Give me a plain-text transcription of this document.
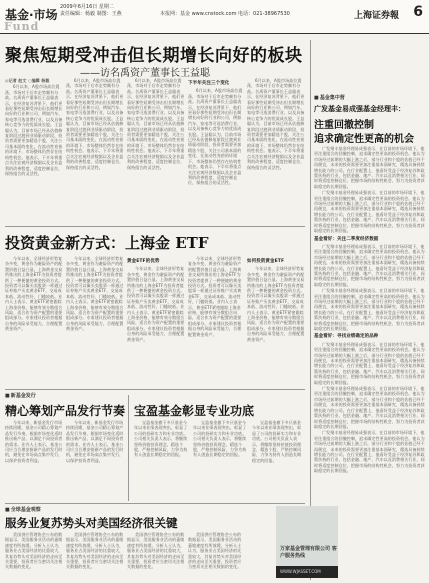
基金·市场
2009年6月16日 星期二
责任编辑：杨毅 制图：王燕	本报网：基金 www.cnstock.com 电话：021-38967530
Fund
上海证券報 6
聚焦短期受冲击但长期增长向好的板块
——访名禹资产董事长王益聪

◎记者 赵文 ○编辑 杨毅

6月以来，A股市场高位震荡，市场对于后市走势颇有分歧。名禹资产董事长王益聪表示，在经济复苏背景下，他们更看好那些短期受冲击但长期增长向好的行业和公司，例如汽车、家电等可选消费行业，以及具备核心竞争力的优质成长股。王益聪认为，目前市场已经从估值修复阶段过渡到业绩驱动阶段，投资者需要更加精选个股，关注公司基本面的变化，在流动性充裕的环境下，市场整体仍然存在结构性机会。他表示，下半年将重点关注宏观经济数据以及企业盈利的改善程度，适度控制仓位，保持组合的灵活性。

6月以来，A股市场高位震荡，市场对于后市走势颇有分歧。名禹资产董事长王益聪表示，在经济复苏背景下，他们更看好那些短期受冲击但长期增长向好的行业和公司，例如汽车、家电等可选消费行业，以及具备核心竞争力的优质成长股。王益聪认为，目前市场已经从估值修复阶段过渡到业绩驱动阶段，投资者需要更加精选个股，关注公司基本面的变化，在流动性充裕的环境下，市场整体仍然存在结构性机会。他表示，下半年将重点关注宏观经济数据以及企业盈利的改善程度，适度控制仓位，保持组合的灵活性。

6月以来，A股市场高位震荡，市场对于后市走势颇有分歧。名禹资产董事长王益聪表示，在经济复苏背景下，他们更看好那些短期受冲击但长期增长向好的行业和公司，例如汽车、家电等可选消费行业，以及具备核心竞争力的优质成长股。王益聪认为，目前市场已经从估值修复阶段过渡到业绩驱动阶段，投资者需要更加精选个股，关注公司基本面的变化，在流动性充裕的环境下，市场整体仍然存在结构性机会。他表示，下半年将重点关注宏观经济数据以及企业盈利的改善程度，适度控制仓位，保持组合的灵活性。

下半年关注三个变化

6月以来，A股市场高位震荡，市场对于后市走势颇有分歧。名禹资产董事长王益聪表示，在经济复苏背景下，他们更看好那些短期受冲击但长期增长向好的行业和公司，例如汽车、家电等可选消费行业，以及具备核心竞争力的优质成长股。王益聪认为，目前市场已经从估值修复阶段过渡到业绩驱动阶段，投资者需要更加精选个股，关注公司基本面的变化，在流动性充裕的环境下，市场整体仍然存在结构性机会。他表示，下半年将重点关注宏观经济数据以及企业盈利的改善程度，适度控制仓位，保持组合的灵活性。

6月以来，A股市场高位震荡，市场对于后市走势颇有分歧。名禹资产董事长王益聪表示，在经济复苏背景下，他们更看好那些短期受冲击但长期增长向好的行业和公司，例如汽车、家电等可选消费行业，以及具备核心竞争力的优质成长股。王益聪认为，目前市场已经从估值修复阶段过渡到业绩驱动阶段，投资者需要更加精选个股，关注公司基本面的变化，在流动性充裕的环境下，市场整体仍然存在结构性机会。他表示，下半年将重点关注宏观经济数据以及企业盈利的改善程度，适度控制仓位，保持组合的灵活性。

■ 基金集中营
广发基金易成强基金经理丰：
注重回撤控制
追求确定性更高的机会

广发聚丰基金经理易成强表示，在目前的市场环境下，他更注重组合的回撤控制，追求确定性更高的投资机会。他认为市场经过前期的大幅上涨之后，部分行业和个股的估值已经不再便宜，未来的投资需要更加注重基本面研究，精选具备持续增长能力的公司。在行业配置上，他看好受益于经济复苏和政策扶持的行业，包括金融、地产、汽车以及消费相关行业，同时将适度控制仓位，把握市场的结构性机会，努力为投资者获取稳定的长期回报。

广发聚丰基金经理易成强表示，在目前的市场环境下，他更注重组合的回撤控制，追求确定性更高的投资机会。他认为市场经过前期的大幅上涨之后，部分行业和个股的估值已经不再便宜，未来的投资需要更加注重基本面研究，精选具备持续增长能力的公司。在行业配置上，他看好受益于经济复苏和政策扶持的行业，包括金融、地产、汽车以及消费相关行业，同时将适度控制仓位，把握市场的结构性机会，努力为投资者获取稳定的长期回报。

基金看好：关注二季度经济数据

广发聚丰基金经理易成强表示，在目前的市场环境下，他更注重组合的回撤控制，追求确定性更高的投资机会。他认为市场经过前期的大幅上涨之后，部分行业和个股的估值已经不再便宜，未来的投资需要更加注重基本面研究，精选具备持续增长能力的公司。在行业配置上，他看好受益于经济复苏和政策扶持的行业，包括金融、地产、汽车以及消费相关行业，同时将适度控制仓位，把握市场的结构性机会，努力为投资者获取稳定的长期回报。

广发聚丰基金经理易成强表示，在目前的市场环境下，他更注重组合的回撤控制，追求确定性更高的投资机会。他认为市场经过前期的大幅上涨之后，部分行业和个股的估值已经不再便宜，未来的投资需要更加注重基本面研究，精选具备持续增长能力的公司。在行业配置上，他看好受益于经济复苏和政策扶持的行业，包括金融、地产、汽车以及消费相关行业，同时将适度控制仓位，把握市场的结构性机会，努力为投资者获取稳定的长期回报。

基金看好：寻找业绩确定的品种

广发聚丰基金经理易成强表示，在目前的市场环境下，他更注重组合的回撤控制，追求确定性更高的投资机会。他认为市场经过前期的大幅上涨之后，部分行业和个股的估值已经不再便宜，未来的投资需要更加注重基本面研究，精选具备持续增长能力的公司。在行业配置上，他看好受益于经济复苏和政策扶持的行业，包括金融、地产、汽车以及消费相关行业，同时将适度控制仓位，把握市场的结构性机会，努力为投资者获取稳定的长期回报。

广发聚丰基金经理易成强表示，在目前的市场环境下，他更注重组合的回撤控制，追求确定性更高的投资机会。他认为市场经过前期的大幅上涨之后，部分行业和个股的估值已经不再便宜，未来的投资需要更加注重基本面研究，精选具备持续增长能力的公司。在行业配置上，他看好受益于经济复苏和政策扶持的行业，包括金融、地产、汽车以及消费相关行业，同时将适度控制仓位，把握市场的结构性机会，努力为投资者获取稳定的长期回报。

广发聚丰基金经理易成强表示，在目前的市场环境下，他更注重组合的回撤控制，追求确定性更高的投资机会。他认为市场经过前期的大幅上涨之后，部分行业和个股的估值已经不再便宜，未来的投资需要更加注重基本面研究，精选具备持续增长能力的公司。在行业配置上，他看好受益于经济复苏和政策扶持的行业，包括金融、地产、汽车以及消费相关行业，同时将适度控制仓位，把握市场的结构性机会，努力为投资者获取稳定的长期回报。

投资黄金新方式：上海金 ETF

今年以来，全球经济形势复杂多变，黄金作为避险资产的配置价值日益凸显。上海黄金交易所推出的上海金ETF为投资者提供了一种便捷的黄金投资方式。投资者可以像买卖股票一样通过证券账户买卖黄金ETF，交易成本低、流动性好，门槛较低。业内人士表示，黄金ETF紧密跟踪上海金价格，能够有效分散组合风险，适合作为资产配置的重要组成部分。专家建议投资者根据自身的风险承受能力，合理配置黄金资产。

今年以来，全球经济形势复杂多变，黄金作为避险资产的配置价值日益凸显。上海黄金交易所推出的上海金ETF为投资者提供了一种便捷的黄金投资方式。投资者可以像买卖股票一样通过证券账户买卖黄金ETF，交易成本低、流动性好，门槛较低。业内人士表示，黄金ETF紧密跟踪上海金价格，能够有效分散组合风险，适合作为资产配置的重要组成部分。专家建议投资者根据自身的风险承受能力，合理配置黄金资产。

黄金ETF的优势

今年以来，全球经济形势复杂多变，黄金作为避险资产的配置价值日益凸显。上海黄金交易所推出的上海金ETF为投资者提供了一种便捷的黄金投资方式。投资者可以像买卖股票一样通过证券账户买卖黄金ETF，交易成本低、流动性好，门槛较低。业内人士表示，黄金ETF紧密跟踪上海金价格，能够有效分散组合风险，适合作为资产配置的重要组成部分。专家建议投资者根据自身的风险承受能力，合理配置黄金资产。

今年以来，全球经济形势复杂多变，黄金作为避险资产的配置价值日益凸显。上海黄金交易所推出的上海金ETF为投资者提供了一种便捷的黄金投资方式。投资者可以像买卖股票一样通过证券账户买卖黄金ETF，交易成本低、流动性好，门槛较低。业内人士表示，黄金ETF紧密跟踪上海金价格，能够有效分散组合风险，适合作为资产配置的重要组成部分。专家建议投资者根据自身的风险承受能力，合理配置黄金资产。

如何投资黄金ETF

今年以来，全球经济形势复杂多变，黄金作为避险资产的配置价值日益凸显。上海黄金交易所推出的上海金ETF为投资者提供了一种便捷的黄金投资方式。投资者可以像买卖股票一样通过证券账户买卖黄金ETF，交易成本低、流动性好，门槛较低。业内人士表示，黄金ETF紧密跟踪上海金价格，能够有效分散组合风险，适合作为资产配置的重要组成部分。专家建议投资者根据自身的风险承受能力，合理配置黄金资产。

■ 新基金发行
精心筹划产品发行节奏

今年以来，新基金发行市场持续回暖，基金公司精心筹划产品发行节奏，根据市场变化适时推出新产品，以满足不同投资者的需求。业内人士表示，基金公司应当合理安排新产品的发行时机，避免在市场高点集中发行，以保护投资者利益。

今年以来，新基金发行市场持续回暖，基金公司精心筹划产品发行节奏，根据市场变化适时推出新产品，以满足不同投资者的需求。业内人士表示，基金公司应当合理安排新产品的发行时机，避免在市场高点集中发行，以保护投资者利益。

宝盈基金彰显专业功底

宝盈基金旗下多只基金今年以来业绩表现突出，彰显了公司的投研实力和专业功底。公司相关负责人表示，将继续坚持价值投资理念，精选个股，严格控制风险，力争为持有人创造长期稳定的回报。

宝盈基金旗下多只基金今年以来业绩表现突出，彰显了公司的投研实力和专业功底。公司相关负责人表示，将继续坚持价值投资理念，精选个股，严格控制风险，力争为持有人创造长期稳定的回报。

宝盈基金旗下多只基金今年以来业绩表现突出，彰显了公司的投研实力和专业功底。公司相关负责人表示，将继续坚持价值投资理念，精选个股，严格控制风险，力争为持有人创造长期稳定的回报。

■ 全球基金观察
服务业复苏势头对美国经济很关键

美国供应管理协会公布的数据显示，美国服务业活动的萎缩速度有所放缓。分析人士认为，服务业占美国经济的比重较大，其复苏势头对美国经济的走向至关重要，投资者应当密切关注相关数据的变化。

美国供应管理协会公布的数据显示，美国服务业活动的萎缩速度有所放缓。分析人士认为，服务业占美国经济的比重较大，其复苏势头对美国经济的走向至关重要，投资者应当密切关注相关数据的变化。

美国供应管理协会公布的数据显示，美国服务业活动的萎缩速度有所放缓。分析人士认为，服务业占美国经济的比重较大，其复苏势头对美国经济的走向至关重要，投资者应当密切关注相关数据的变化。

美国供应管理协会公布的数据显示，美国服务业活动的萎缩速度有所放缓。分析人士认为，服务业占美国经济的比重较大，其复苏势头对美国经济的走向至关重要，投资者应当密切关注相关数据的变化。

万家基金管理有限公司 客户服务热线
WWW.WJASSET.COM
